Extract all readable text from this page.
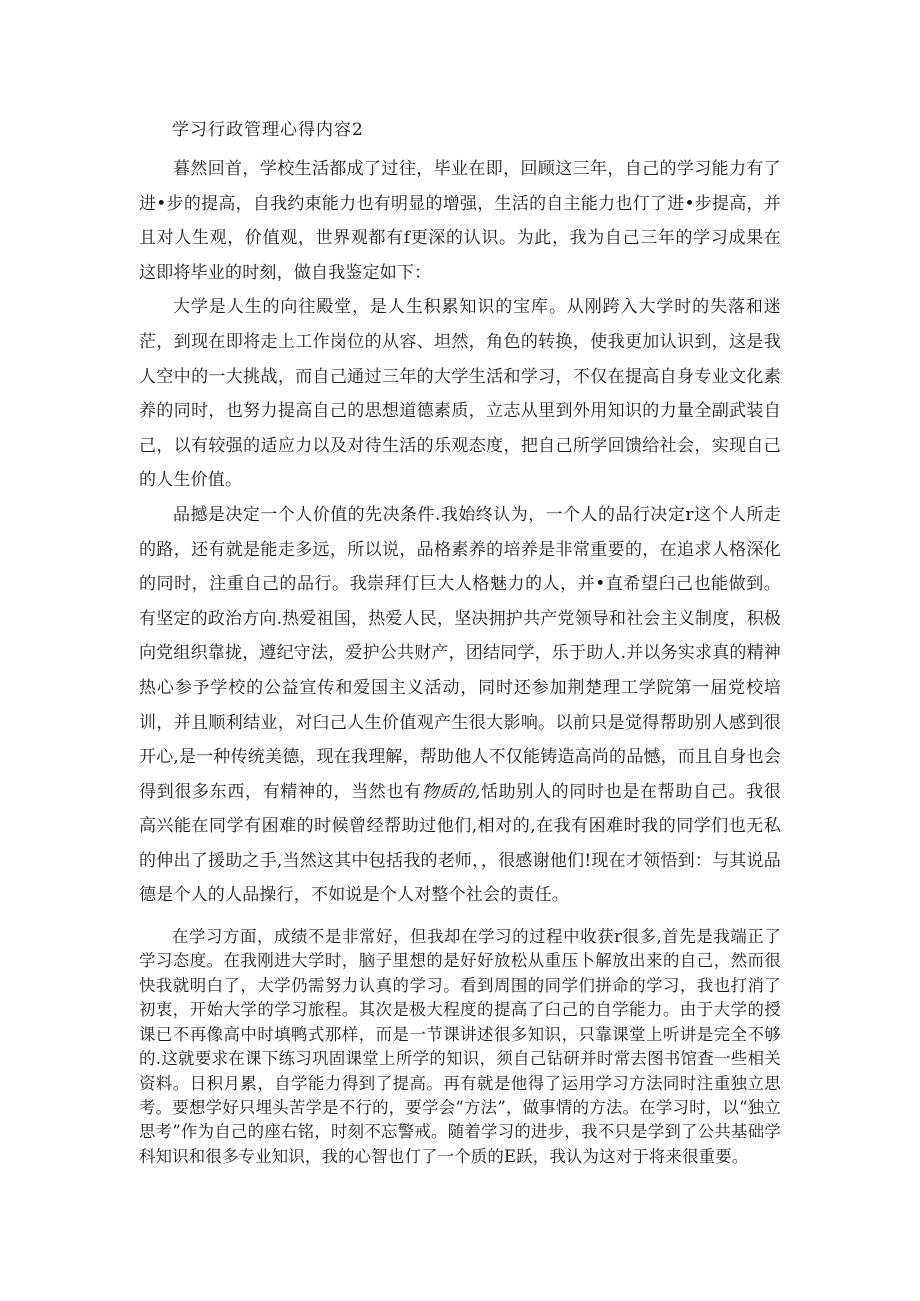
学习行政管理心得内容2

暮然回首，学校生活都成了过往，毕业在即，回顾这三年，自己的学习能力有了进•步的提高，自我约束能力也有明显的增强，生活的自主能力也仃了进•步提高，并且对人生观，价值观，世界观都有f更深的认识。为此，我为自己三年的学习成果在这即将毕业的时刻，做自我鉴定如下：

大学是人生的向往殿堂，是人生积累知识的宝库。从刚跨入大学时的失落和迷茫，到现在即将走上工作岗位的从容、坦然，角色的转换，使我更加认识到，这是我人空中的一大挑战，而自己通过三年的大学生活和学习，不仅在提高自身专业文化素养的同时，也努力提高自己的思想道德素质，立志从里到外用知识的力量全副武装自己，以有较强的适应力以及对待生活的乐观态度，把自己所学回馈给社会，实现自己的人生价值。

品撼是决定一个人价值的先决条件.我始终认为，一个人的品行决定r这个人所走的路，还有就是能走多远，所以说，品格素养的培养是非常重要的，在追求人格深化的同时，注重自己的品行。我崇拜仃巨大人格魅力的人，并•直希望臼己也能做到。有坚定的政治方向.热爱祖国，热爱人民，坚决拥护共产党领导和社会主义制度，积极向党组织靠拢，遵纪守法，爱护公共财产，团结同学，乐于助人.并以务实求真的精神热心参予学校的公益宣传和爱国主义活动，同时还参加荆楚理工学院第一届党校培训，并且顺利结业，对臼己人生价值观产生很大影响。以前只是觉得帮助别人感到很开心,是一种传统美德，现在我理解，帮助他人不仅能铸造高尚的品憾，而且自身也会得到很多东西，有精神的，当然也有物质的,恬助别人的同时也是在帮助自己。我很高兴能在同学有困难的时候曾经帮助过他们,相对的,在我有困难时我的同学们也无私的伸出了援助之手,当然这其中包括我的老师，，很感谢他们!现在才领悟到：与其说品德是个人的人品操行，不如说是个人对整个社会的责任。

在学习方面，成绩不是非常好，但我却在学习的过程中收获r很多,首先是我端正了学习态度。在我刚进大学时，脑子里想的是好好放松从重压卜解放出来的自己，然而很快我就明白了，大学仍需努力认真的学习。看到周围的同学们拼命的学习，我也打消了初衷，开始大学的学习旅程。其次是极大程度的提高了臼己的自学能力。由于大学的授课已不再像高中时填鸭式那样，而是一节课讲述很多知识，只靠课堂上听讲是完全不够的.这就要求在课下练习巩固课堂上所学的知识，须自己钻研并时常去图书馆査一些相关资料。日积月累，自学能力得到了提高。再有就是他得了运用学习方法同时注重独立思考。要想学好只埋头苦学是不行的，要学会“方法”，做事情的方法。在学习时，以“独立思考”作为自己的座右铭，时刻不忘警戒。随着学习的进步，我不只是学到了公共基础学科知识和很多专业知识，我的心智也仃了一个质的E跃，我认为这对于将来很重要。
